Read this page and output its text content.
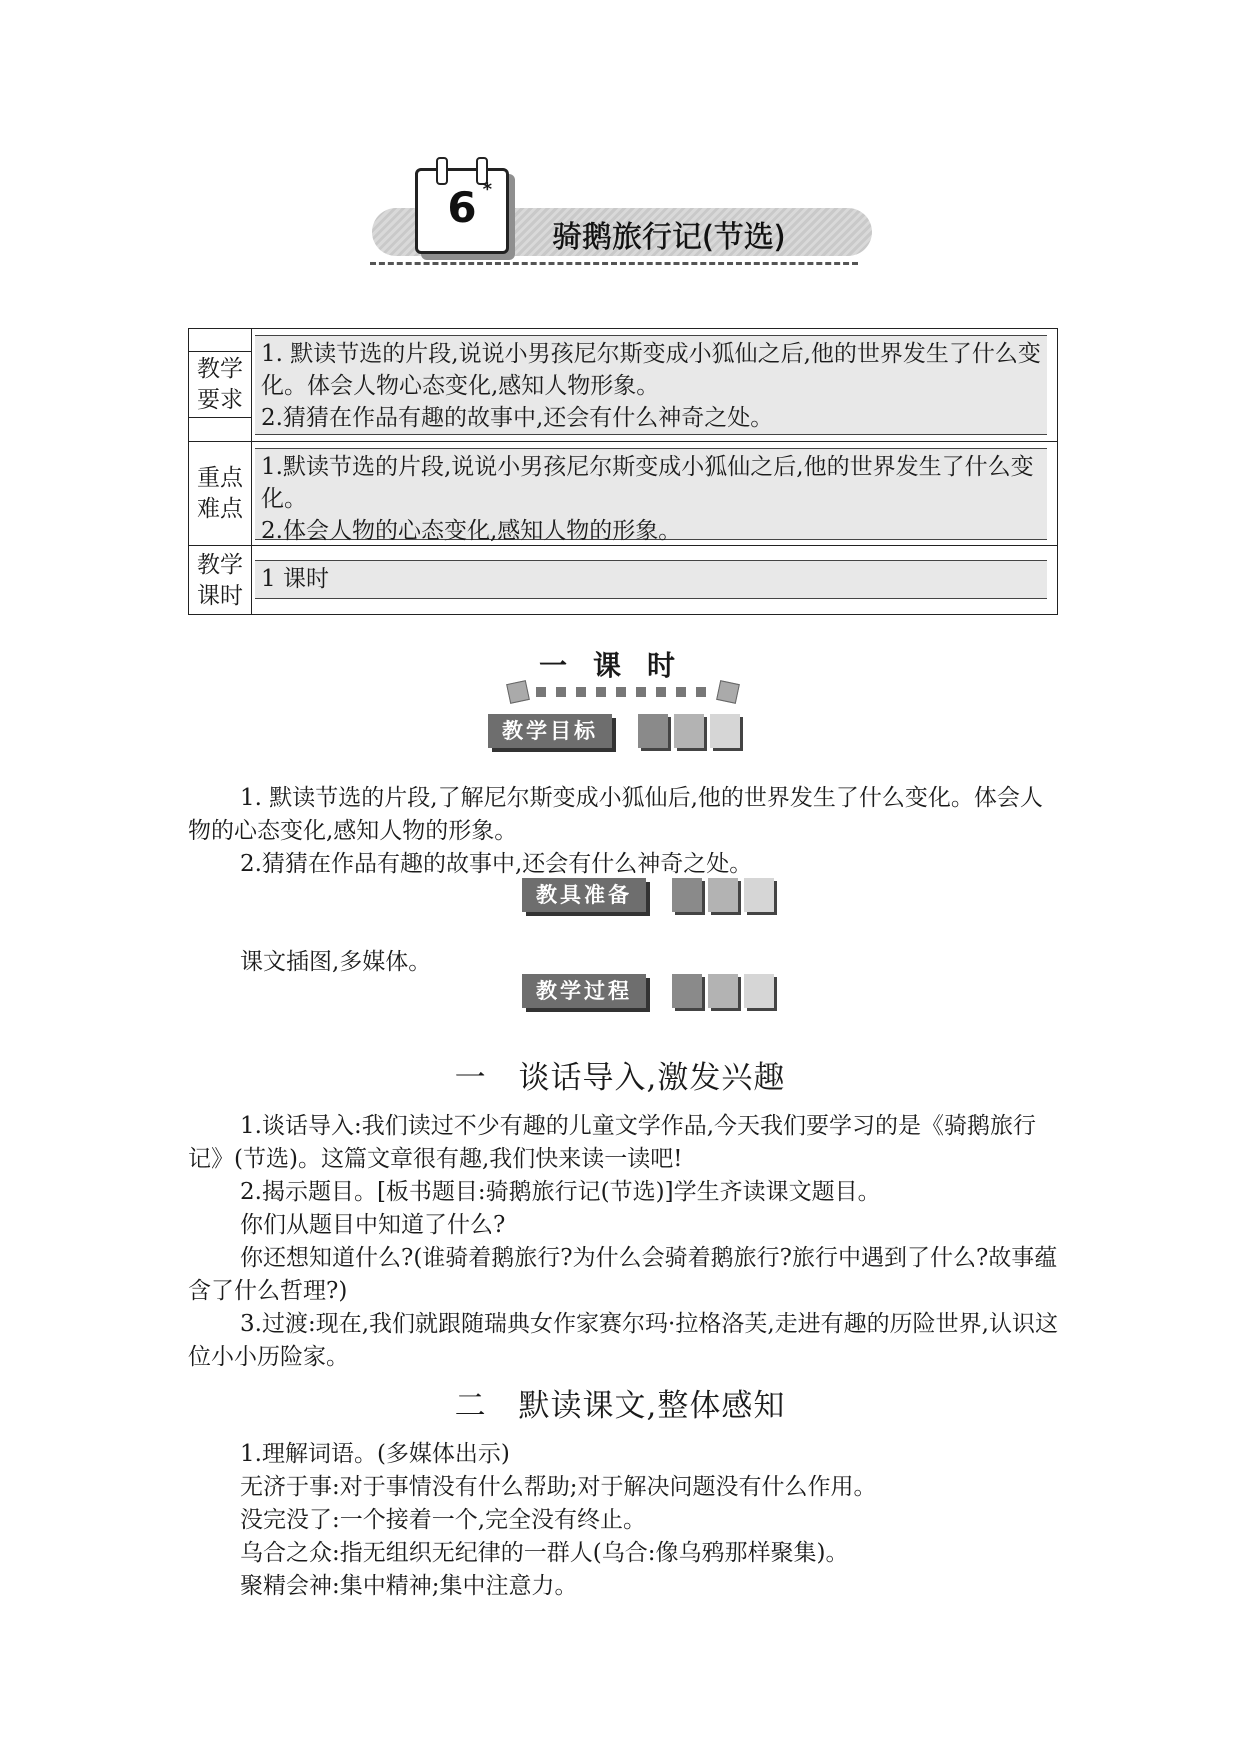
6 *
骑鹅旅行记(节选)
教学要求

1. 默读节选的片段,说说小男孩尼尔斯变成小狐仙之后,他的世界发生了什么变化。体会人物心态变化,感知人物形象。

2.猜猜在作品有趣的故事中,还会有什么神奇之处。

重点难点

1.默读节选的片段,说说小男孩尼尔斯变成小狐仙之后,他的世界发生了什么变化。

2.体会人物的心态变化,感知人物的形象。

教学课时

1 课时

一课时
教学目标

1. 默读节选的片段,了解尼尔斯变成小狐仙后,他的世界发生了什么变化。体会人物的心态变化,感知人物的形象。

2.猜猜在作品有趣的故事中,还会有什么神奇之处。

教具准备

课文插图,多媒体。

教学过程
一　谈话导入,激发兴趣

1.谈话导入:我们读过不少有趣的儿童文学作品,今天我们要学习的是《骑鹅旅行记》(节选)。这篇文章很有趣,我们快来读一读吧!

2.揭示题目。[板书题目:骑鹅旅行记(节选)]学生齐读课文题目。

你们从题目中知道了什么?

你还想知道什么?(谁骑着鹅旅行?为什么会骑着鹅旅行?旅行中遇到了什么?故事蕴含了什么哲理?)

3.过渡:现在,我们就跟随瑞典女作家赛尔玛·拉格洛芙,走进有趣的历险世界,认识这位小小历险家。

二　默读课文,整体感知

1.理解词语。(多媒体出示)

无济于事:对于事情没有什么帮助;对于解决问题没有什么作用。

没完没了:一个接着一个,完全没有终止。

乌合之众:指无组织无纪律的一群人(乌合:像乌鸦那样聚集)。

聚精会神:集中精神;集中注意力。
